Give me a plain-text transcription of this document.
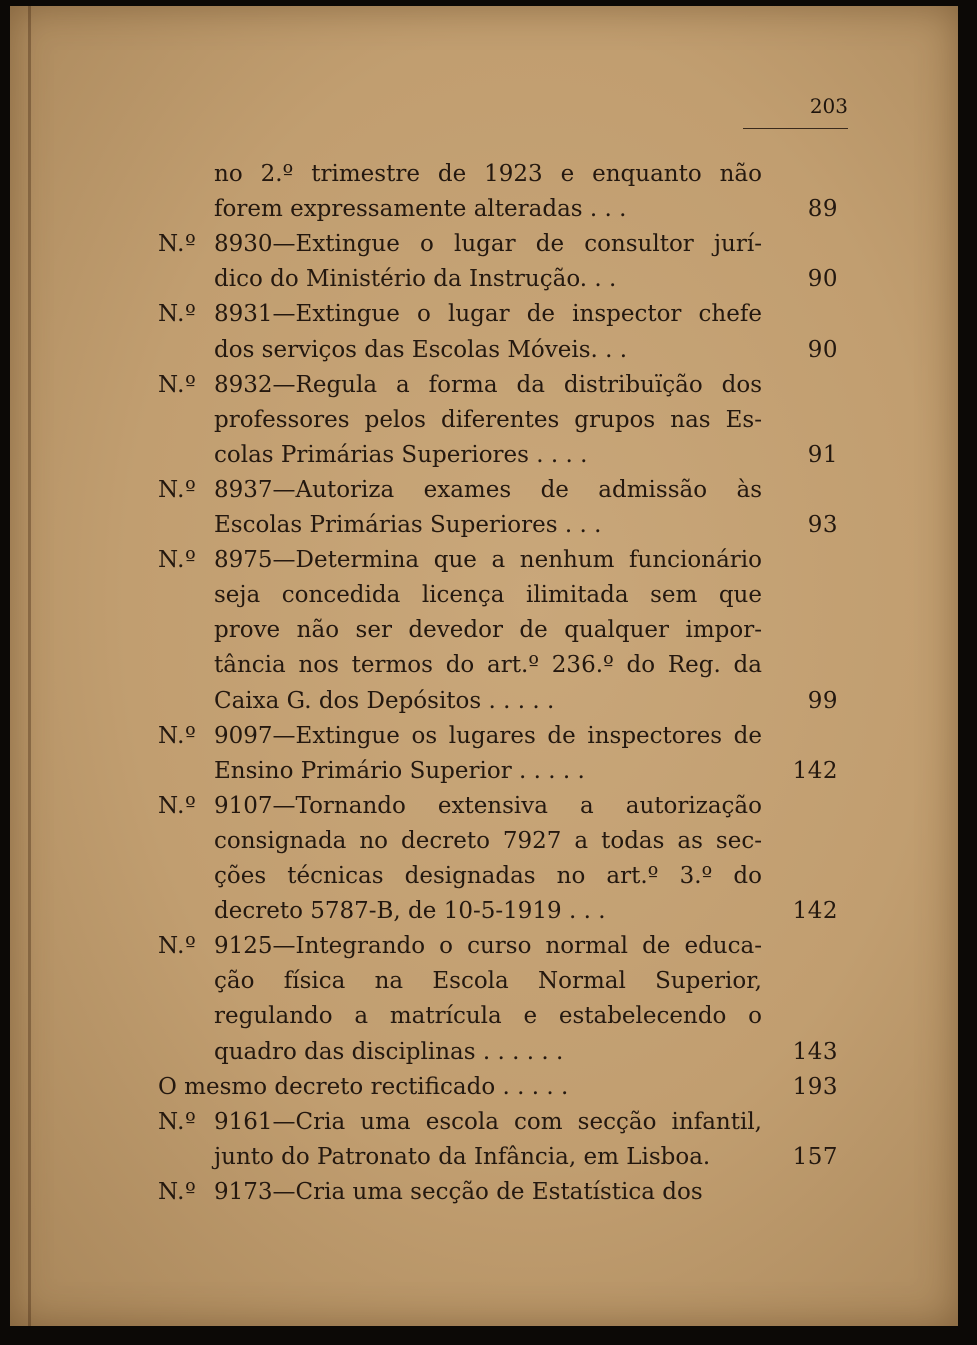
203
no 2.º trimestre de 1923 e enquanto não
forem expressamente alteradas . . .	89
N.º 8930—Extingue o lugar de consultor jurí-
dico do Ministério da Instrução. . .	90
N.º 8931—Extingue o lugar de inspector chefe
dos serviços das Escolas Móveis. . .	90
N.º 8932—Regula a forma da distribuïção dos
professores pelos diferentes grupos nas Es-
colas Primárias Superiores . . . .	91
N.º 8937—Autoriza exames de admissão às
Escolas Primárias Superiores . . .	93
N.º 8975—Determina que a nenhum funcionário
seja concedida licença ilimitada sem que
prove não ser devedor de qualquer impor-
tância nos termos do art.º 236.º do Reg. da
Caixa G. dos Depósitos . . . . .	99
N.º 9097—Extingue os lugares de inspectores de
Ensino Primário Superior . . . . .	142
N.º 9107—Tornando extensiva a autorização
consignada no decreto 7927 a todas as sec-
ções técnicas designadas no art.º 3.º do
decreto 5787-B, de 10-5-1919 . . .	142
N.º 9125—Integrando o curso normal de educa-
ção física na Escola Normal Superior,
regulando a matrícula e estabelecendo o
quadro das disciplinas . . . . . .	143
O mesmo decreto rectificado . . . . .	193
N.º 9161—Cria uma escola com secção infantil,
junto do Patronato da Infância, em Lisboa.	157
N.º 9173—Cria uma secção de Estatística dos
